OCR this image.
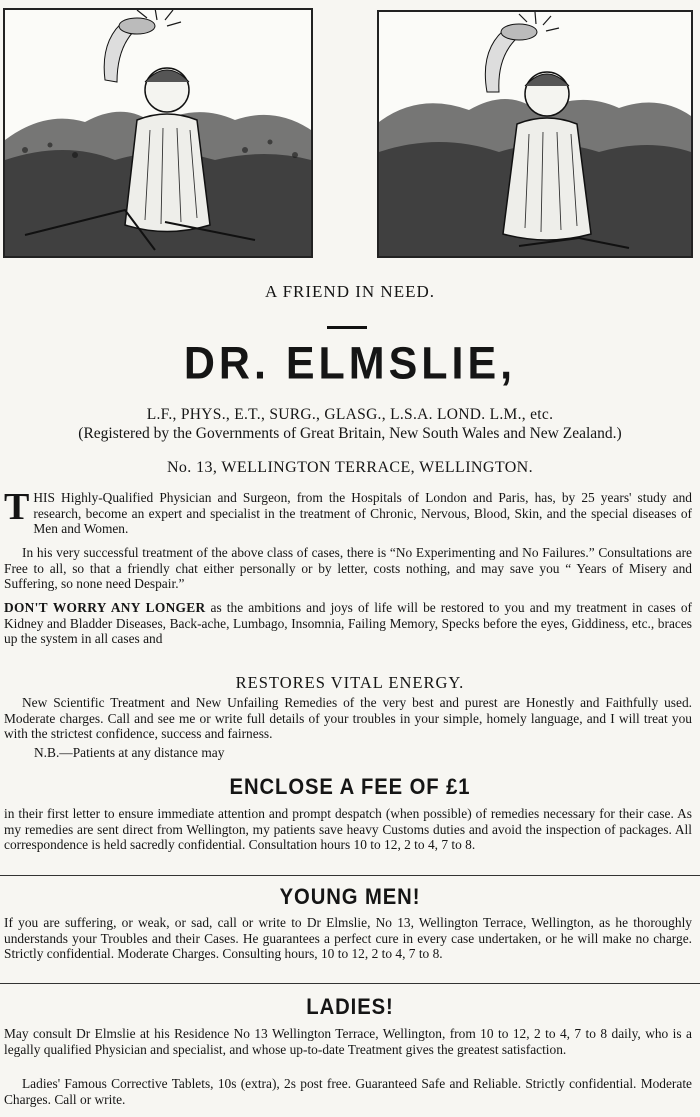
A FRIEND IN NEED.
DR. ELMSLIE,
L.F., PHYS., E.T., SURG., GLASG., L.S.A. LOND. L.M., etc.
(Registered by the Governments of Great Britain, New South Wales and New Zealand.)
No. 13, WELLINGTON TERRACE, WELLINGTON.
T HIS Highly-Qualified Physician and Surgeon, from the Hospitals of London and Paris, has, by 25 years' study and research, become an expert and specialist in the treatment of Chronic, Nervous, Blood, Skin, and the special diseases of Men and Women.
In his very successful treatment of the above class of cases, there is “No Experimenting and No Failures.” Consultations are Free to all, so that a friendly chat either personally or by letter, costs nothing, and may save you “ Years of Misery and Suffering, so none need Despair.”
DON'T WORRY ANY LONGER as the ambitions and joys of life will be restored to you and my treatment in cases of Kidney and Bladder Diseases, Back-ache, Lumbago, Insomnia, Failing Memory, Specks before the eyes, Giddiness, etc., braces up the system in all cases and
RESTORES VITAL ENERGY.
New Scientific Treatment and New Unfailing Remedies of the very best and purest are Honestly and Faithfully used. Moderate charges. Call and see me or write full details of your troubles in your simple, homely language, and I will treat you with the strictest confidence, success and fairness.
N.B.—Patients at any distance may
ENCLOSE A FEE OF £1
in their first letter to ensure immediate attention and prompt despatch (when possible) of remedies necessary for their case. As my remedies are sent direct from Wellington, my patients save heavy Customs duties and avoid the inspection of packages. All correspondence is held sacredly confidential. Consultation hours 10 to 12, 2 to 4, 7 to 8.
YOUNG MEN!
If you are suffering, or weak, or sad, call or write to Dr Elmslie, No 13, Wellington Terrace, Wellington, as he thoroughly understands your Troubles and their Cases. He guarantees a perfect cure in every case undertaken, or he will make no charge. Strictly confidential. Moderate Charges. Consulting hours, 10 to 12, 2 to 4, 7 to 8.
LADIES!
May consult Dr Elmslie at his Residence No 13 Wellington Terrace, Wellington, from 10 to 12, 2 to 4, 7 to 8 daily, who is a legally qualified Physician and specialist, and whose up-to-date Treatment gives the greatest satisfaction.
Ladies' Famous Corrective Tablets, 10s (extra), 2s post free. Guaranteed Safe and Reliable. Strictly confidential. Moderate Charges. Call or write.
